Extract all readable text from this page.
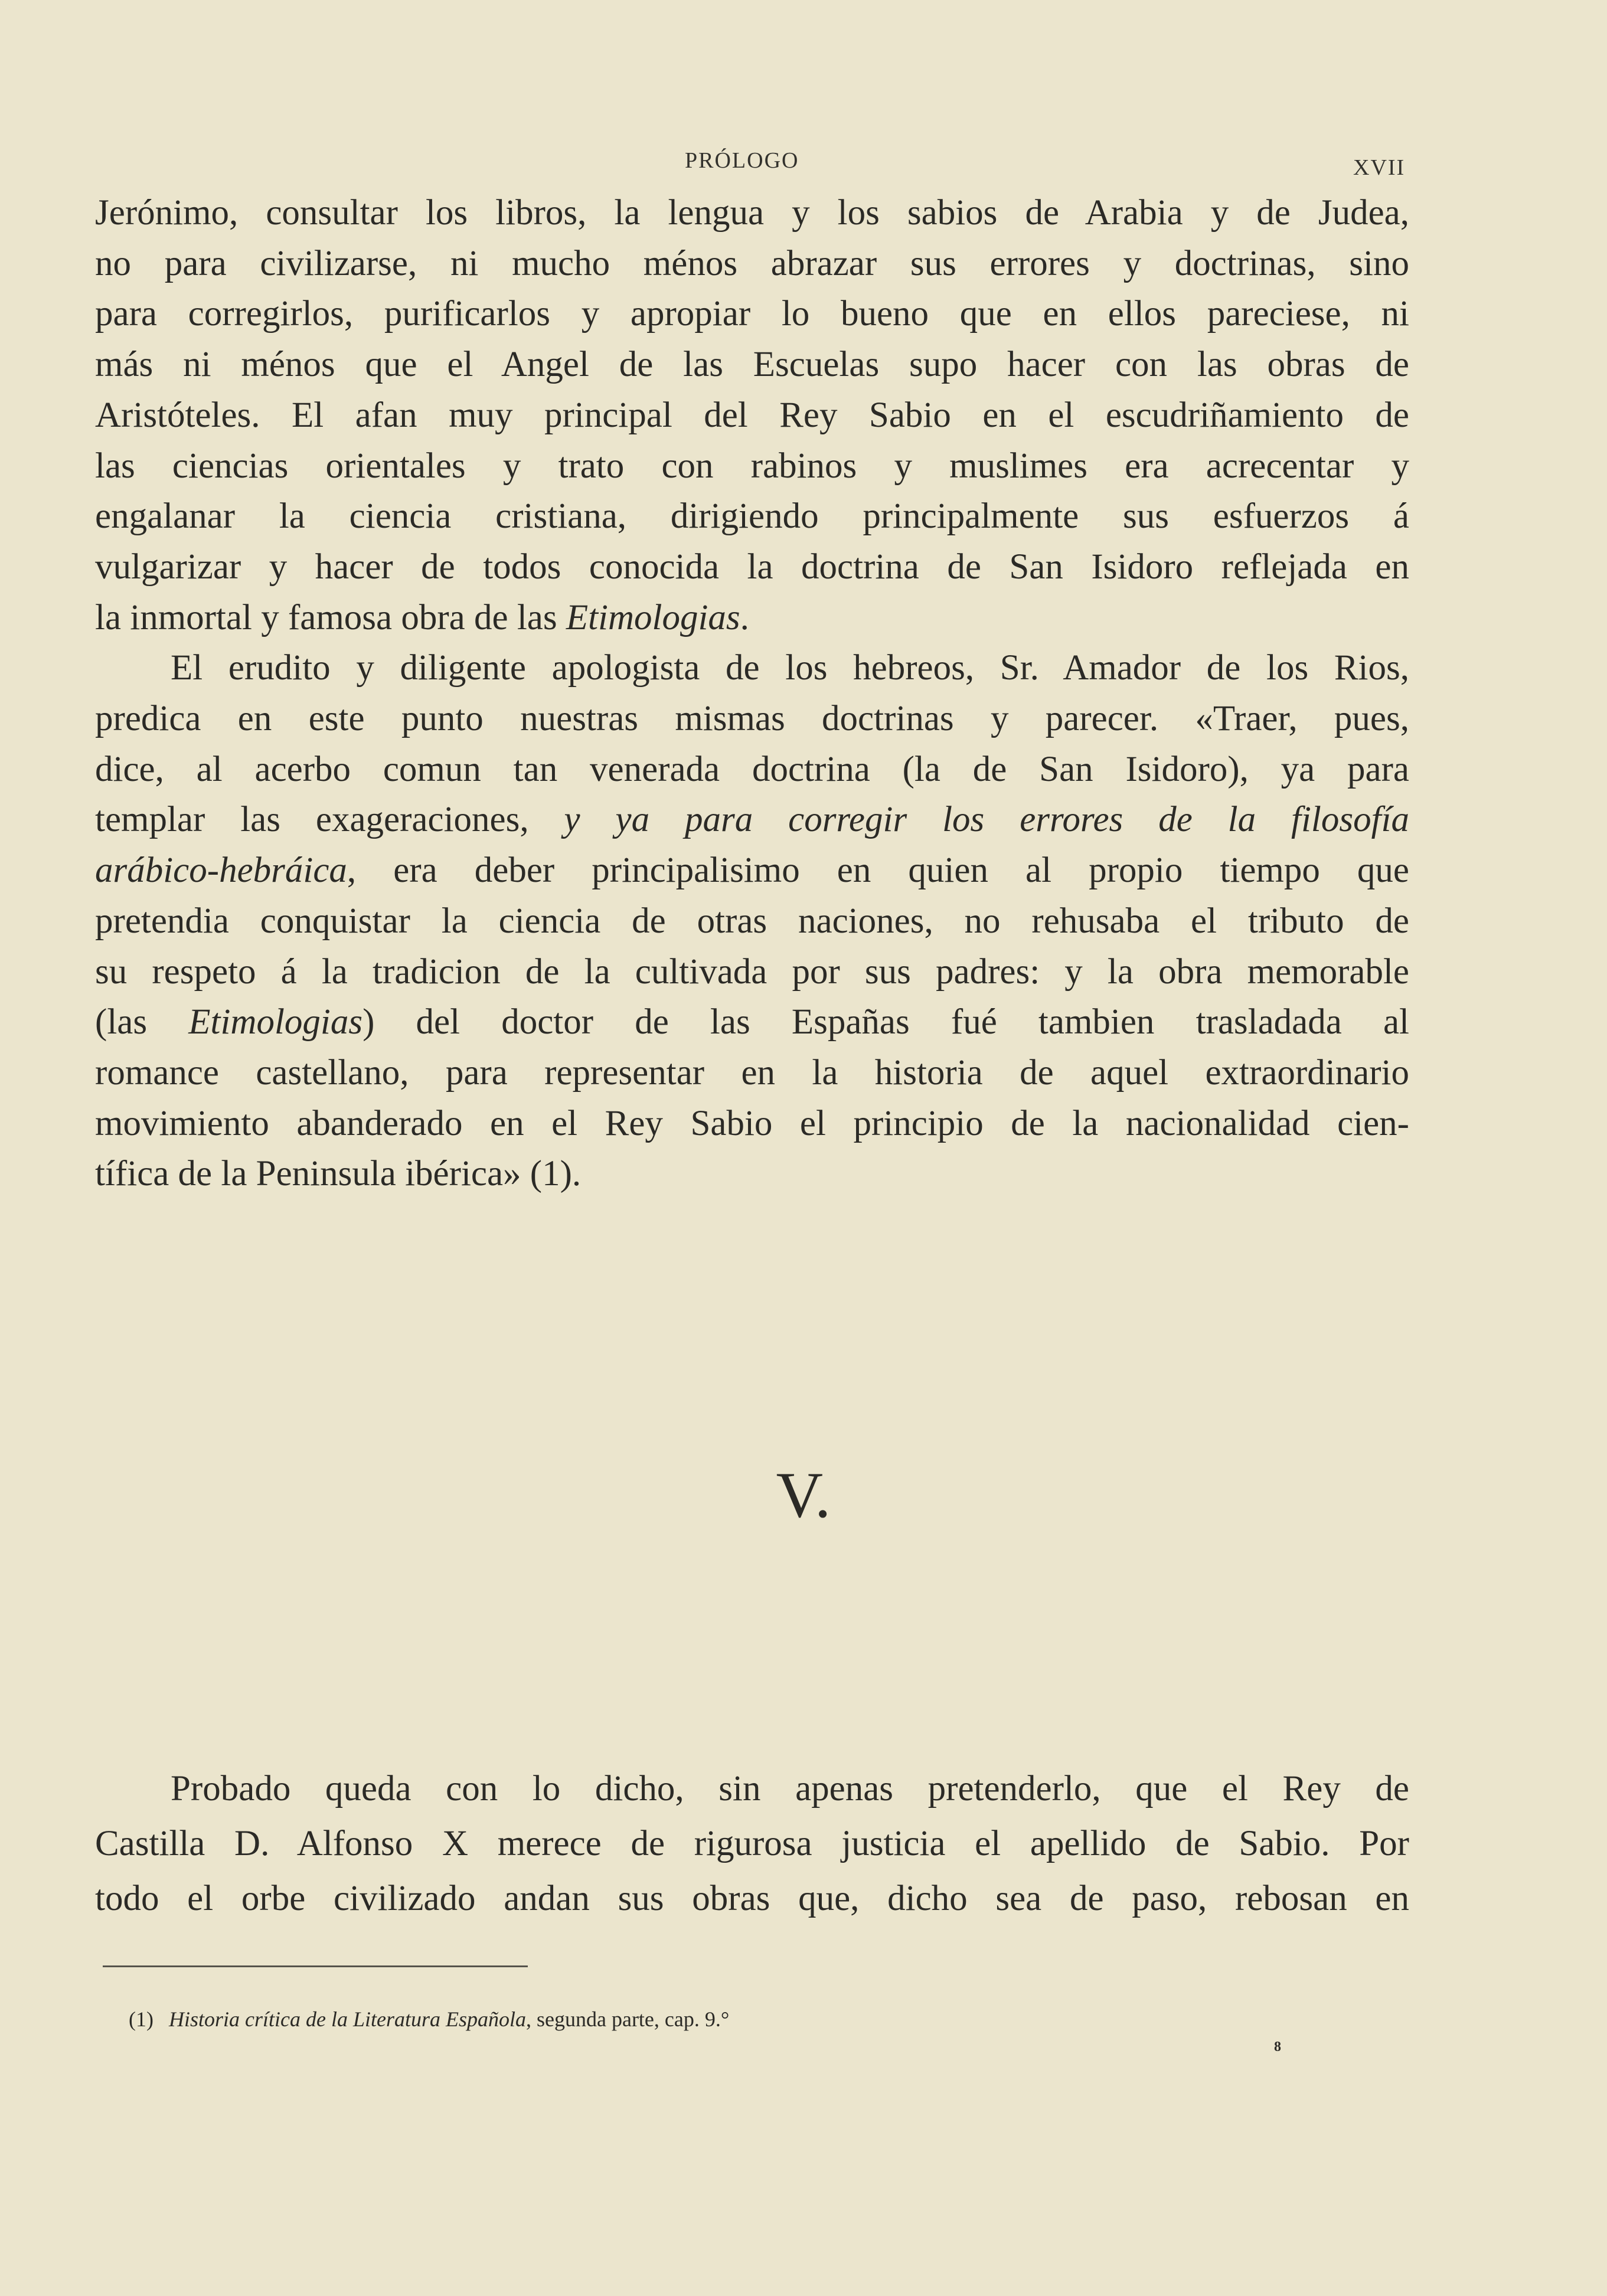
PRÓLOGO	XVII
Jerónimo, consultar los libros, la lengua y los sabios de Arabia y de Judea,
no para civilizarse, ni mucho ménos abrazar sus errores y doctrinas, sino
para corregirlos, purificarlos y apropiar lo bueno que en ellos pareciese, ni
más ni ménos que el Angel de las Escuelas supo hacer con las obras de
Aristóteles. El afan muy principal del Rey Sabio en el escudriñamiento de
las ciencias orientales y trato con rabinos y muslimes era acrecentar y
engalanar la ciencia cristiana, dirigiendo principalmente sus esfuerzos á
vulgarizar y hacer de todos conocida la doctrina de San Isidoro reflejada en
la inmortal y famosa obra de las Etimologias.
El erudito y diligente apologista de los hebreos, Sr. Amador de los Rios,
predica en este punto nuestras mismas doctrinas y parecer. «Traer, pues,
dice, al acerbo comun tan venerada doctrina (la de San Isidoro), ya para
templar las exageraciones, y ya para corregir los errores de la filosofía
arábico-hebráica, era deber principalisimo en quien al propio tiempo que
pretendia conquistar la ciencia de otras naciones, no rehusaba el tributo de
su respeto á la tradicion de la cultivada por sus padres: y la obra memorable
(las Etimologias) del doctor de las Españas fué tambien trasladada al
romance castellano, para representar en la historia de aquel extraordinario
movimiento abanderado en el Rey Sabio el principio de la nacionalidad cien-
tífica de la Peninsula ibérica» (1).
V.
Probado queda con lo dicho, sin apenas pretenderlo, que el Rey de
Castilla D. Alfonso X merece de rigurosa justicia el apellido de Sabio. Por
todo el orbe civilizado andan sus obras que, dicho sea de paso, rebosan en
(1) Historia crítica de la Literatura Española, segunda parte, cap. 9.°
8
